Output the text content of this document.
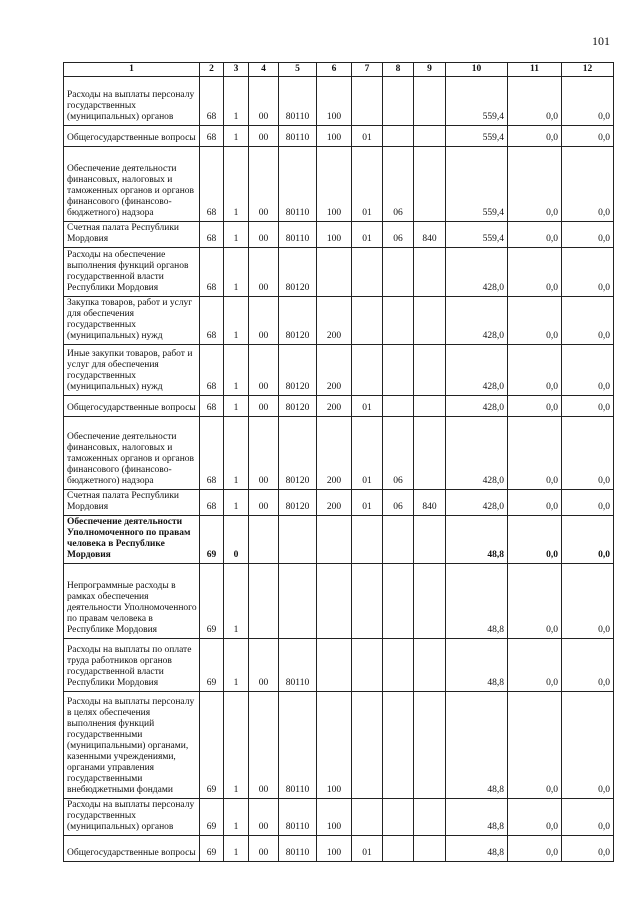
101
1	2	3	4	5	6	7	8	9	10	11	12
Расходы на выплаты персоналу государственных (муниципальных) органов	68	1	00	80110	100				559,4	0,0	0,0
Общегосударственные вопросы	68	1	00	80110	100	01			559,4	0,0	0,0
Обеспечение деятельности финансовых, налоговых и таможенных органов и органов финансового (финансово-бюджетного) надзора	68	1	00	80110	100	01	06		559,4	0,0	0,0
Счетная палата Республики Мордовия	68	1	00	80110	100	01	06	840	559,4	0,0	0,0
Расходы на обеспечение выполнения функций органов государственной власти Республики Мордовия	68	1	00	80120					428,0	0,0	0,0
Закупка товаров, работ и услуг для обеспечения государственных (муниципальных) нужд	68	1	00	80120	200				428,0	0,0	0,0
Иные закупки товаров, работ и услуг для обеспечения государственных (муниципальных) нужд	68	1	00	80120	200				428,0	0,0	0,0
Общегосударственные вопросы	68	1	00	80120	200	01			428,0	0,0	0,0
Обеспечение деятельности финансовых, налоговых и таможенных органов и органов финансового (финансово-бюджетного) надзора	68	1	00	80120	200	01	06		428,0	0,0	0,0
Счетная палата Республики Мордовия	68	1	00	80120	200	01	06	840	428,0	0,0	0,0
Обеспечение деятельности Уполномоченного по правам человека в Республике Мордовия	69	0							48,8	0,0	0,0
Непрограммные расходы в рамках обеспечения деятельности Уполномоченного по правам человека в Республике Мордовия	69	1							48,8	0,0	0,0
Расходы на выплаты по оплате труда работников органов государственной власти Республики Мордовия	69	1	00	80110					48,8	0,0	0,0
Расходы на выплаты персоналу в целях обеспечения выполнения функций государственными (муниципальными) органами, казенными учреждениями, органами управления государственными внебюджетными фондами	69	1	00	80110	100				48,8	0,0	0,0
Расходы на выплаты персоналу государственных (муниципальных) органов	69	1	00	80110	100				48,8	0,0	0,0
Общегосударственные вопросы	69	1	00	80110	100	01			48,8	0,0	0,0
